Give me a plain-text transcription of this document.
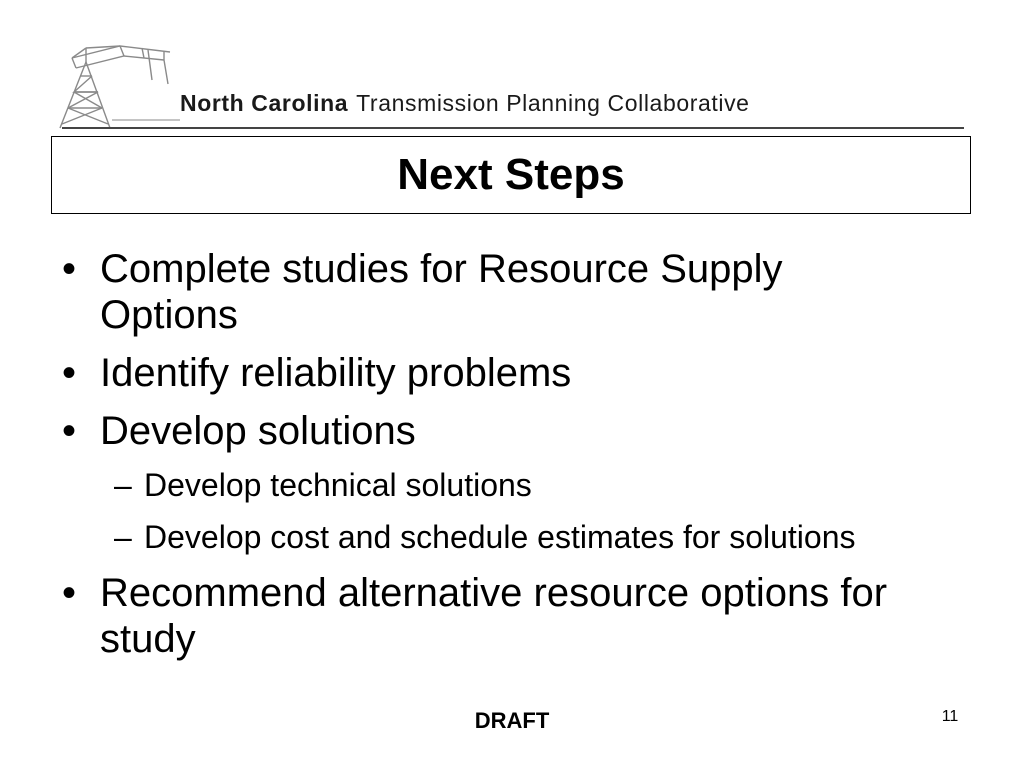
North Carolina Transmission Planning Collaborative
Next Steps
• Complete studies for Resource Supply Options
• Identify reliability problems
• Develop solutions
– Develop technical solutions
– Develop cost and schedule estimates for solutions
• Recommend alternative resource options for study
DRAFT	11
